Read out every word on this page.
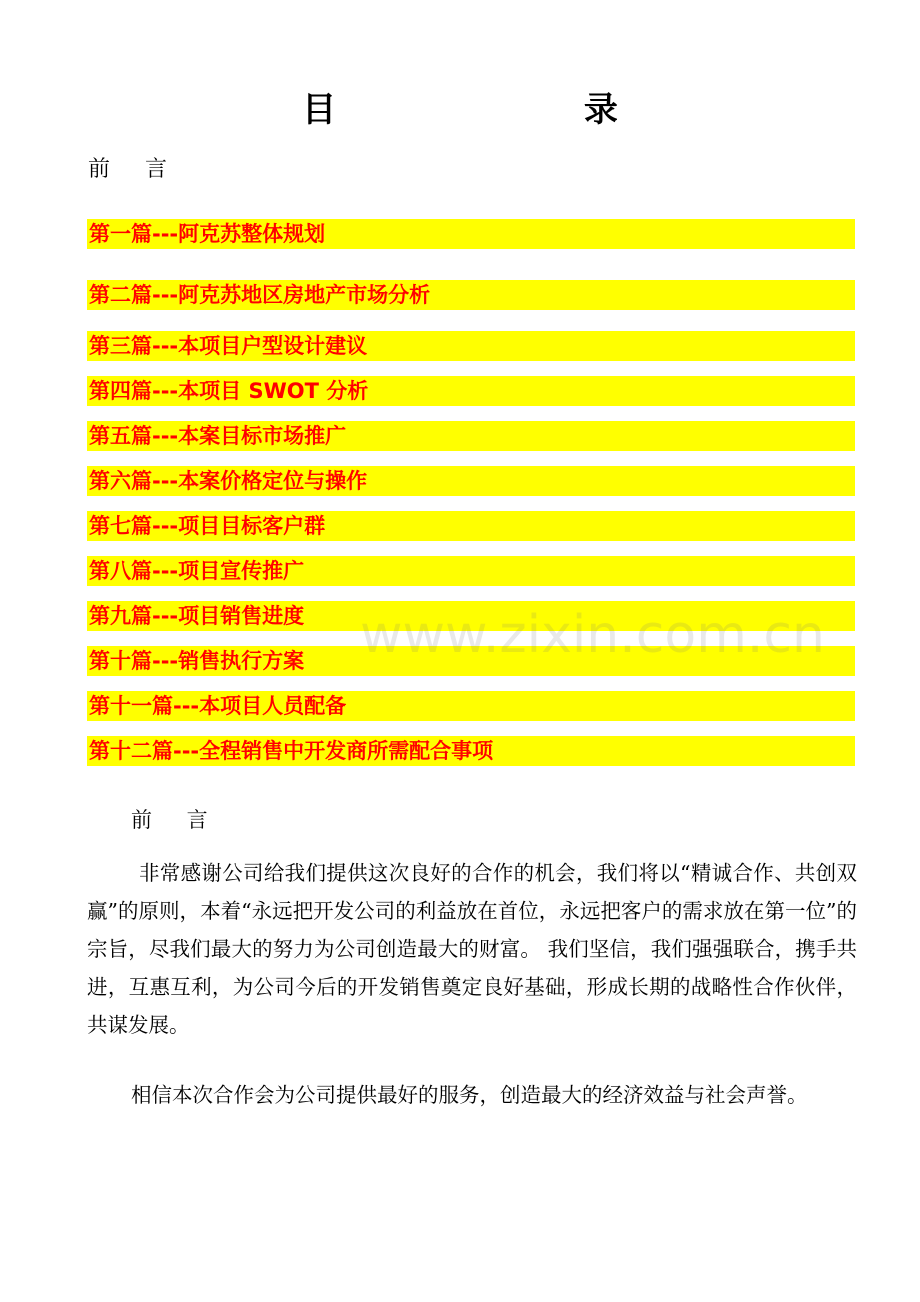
目 录
前 言
第一篇---阿克苏整体规划
第二篇---阿克苏地区房地产市场分析
第三篇---本项目户型设计建议
第四篇---本项目 SWOT 分析
第五篇---本案目标市场推广
第六篇---本案价格定位与操作
第七篇---项目目标客户群
第八篇---项目宣传推广
第九篇---项目销售进度
第十篇---销售执行方案
第十一篇---本项目人员配备
第十二篇---全程销售中开发商所需配合事项
www.zixin.com.cn
前 言
非常感谢公司给我们提供这次良好的合作的机会，我们将以“精诚合作、共创双赢”的原则，本着“永远把开发公司的利益放在首位，永远把客户的需求放在第一位”的宗旨，尽我们最大的努力为公司创造最大的财富。 我们坚信，我们强强联合，携手共进，互惠互利，为公司今后的开发销售奠定良好基础，形成长期的战略性合作伙伴，共谋发展。
相信本次合作会为公司提供最好的服务，创造最大的经济效益与社会声誉。
